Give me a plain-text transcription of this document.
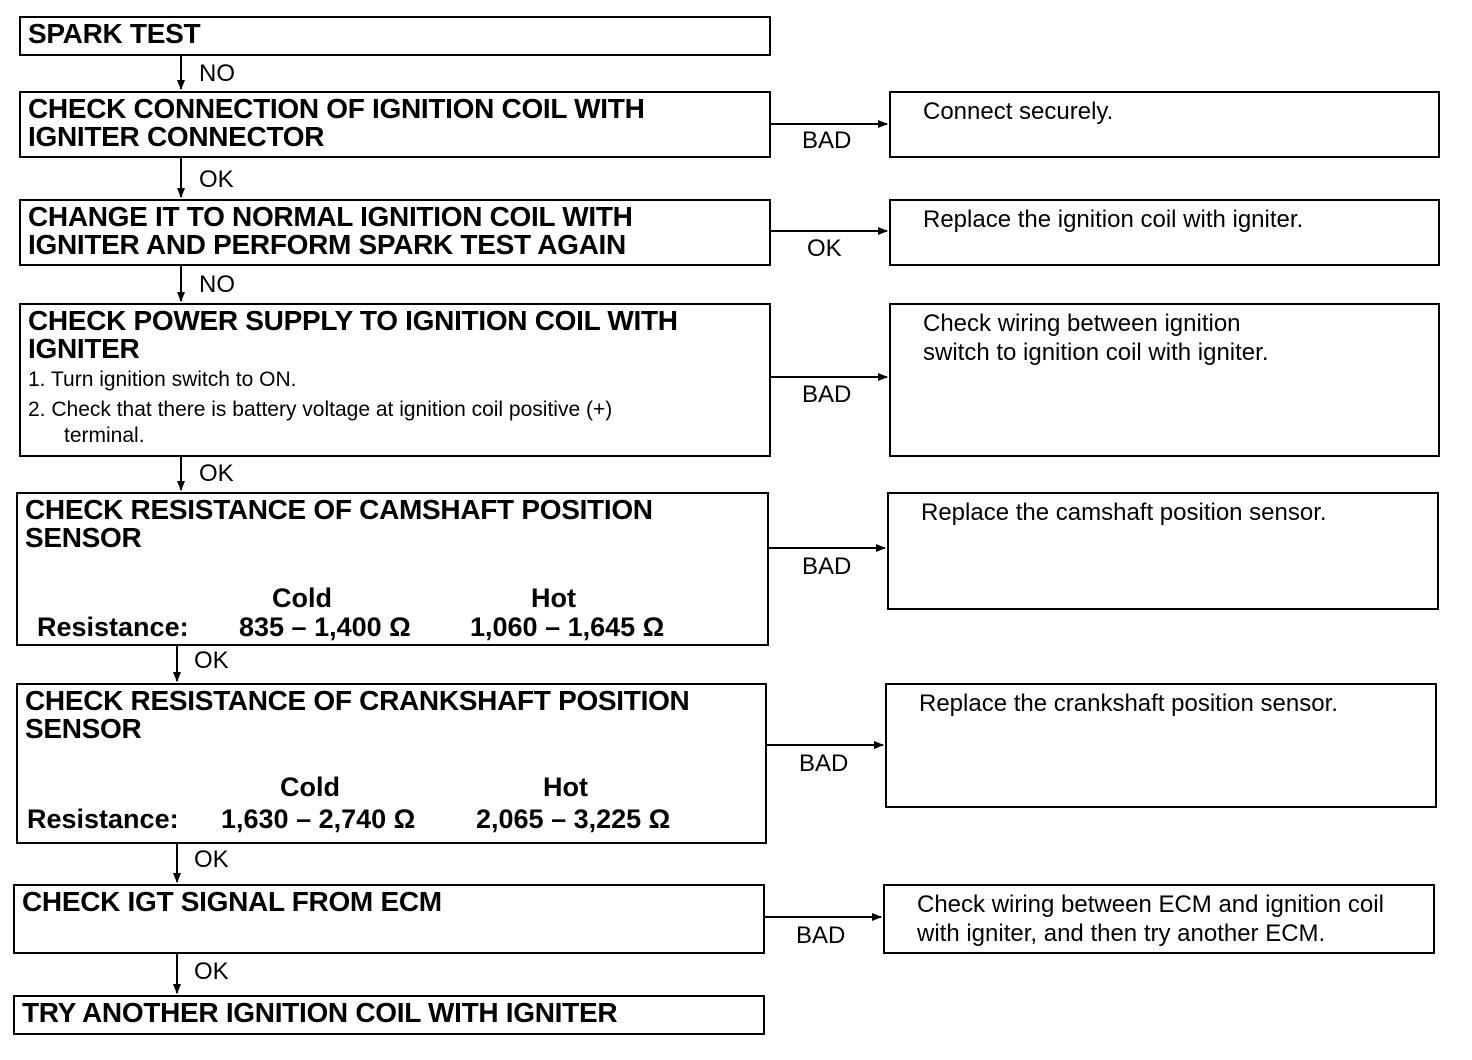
SPARK TEST
CHECK CONNECTION OF IGNITION COIL WITH IGNITER CONNECTOR
CHANGE IT TO NORMAL IGNITION COIL WITH IGNITER AND PERFORM SPARK TEST AGAIN
CHECK POWER SUPPLY TO IGNITION COIL WITH IGNITER
1. Turn ignition switch to ON.
2. Check that there is battery voltage at ignition coil positive (+)
terminal.
CHECK RESISTANCE OF CAMSHAFT POSITION SENSOR
Cold	Hot
Resistance: 835 – 1,400 Ω 1,060 – 1,645 Ω
CHECK RESISTANCE OF CRANKSHAFT POSITION SENSOR
Cold	Hot
Resistance: 1,630 – 2,740 Ω 2,065 – 3,225 Ω
CHECK IGT SIGNAL FROM ECM
TRY ANOTHER IGNITION COIL WITH IGNITER
Connect securely.
Replace the ignition coil with igniter.
Check wiring between ignition switch to ignition coil with igniter.
Replace the camshaft position sensor.
Replace the crankshaft position sensor.
Check wiring between ECM and ignition coil with igniter, and then try another ECM.
BAD
OK
BAD
BAD
BAD
BAD
NO
OK
NO
OK
OK
OK
OK
